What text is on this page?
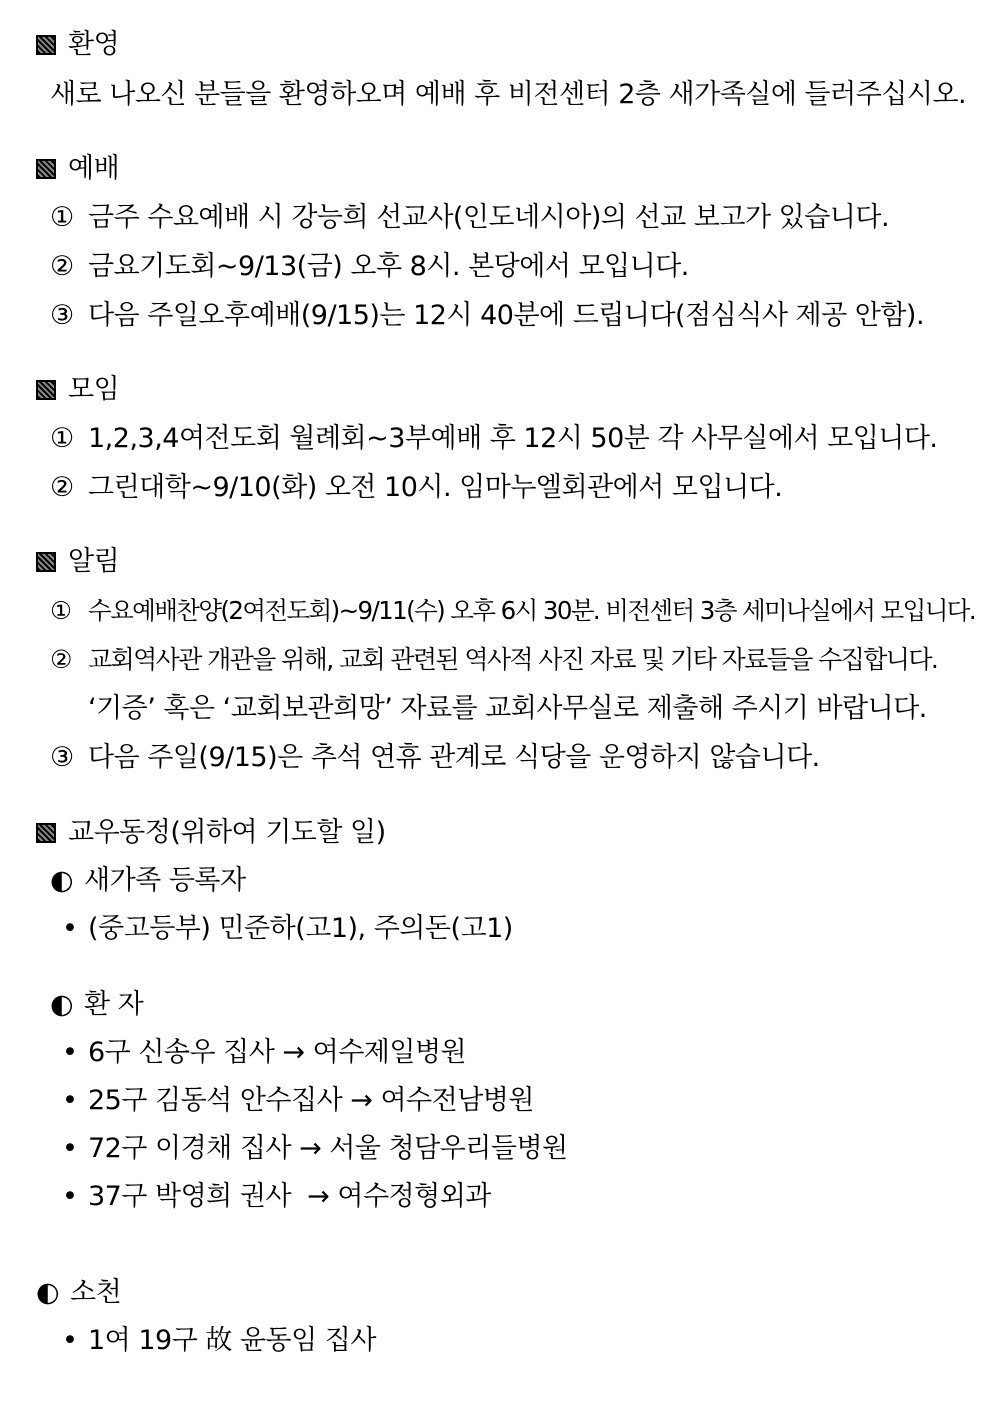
환영
새로 나오신 분들을 환영하오며 예배 후 비전센터 2층 새가족실에 들러주십시오.
예배
① 금주 수요예배 시 강능희 선교사(인도네시아)의 선교 보고가 있습니다.
② 금요기도회~9/13(금) 오후 8시. 본당에서 모입니다.
③ 다음 주일오후예배(9/15)는 12시 40분에 드립니다(점심식사 제공 안함).
모임
① 1,2,3,4여전도회 월례회~3부예배 후 12시 50분 각 사무실에서 모입니다.
② 그린대학~9/10(화) 오전 10시. 임마누엘회관에서 모입니다.
알림
① 수요예배찬양(2여전도회)~9/11(수) 오후 6시 30분. 비전센터 3층 세미나실에서 모입니다.
② 교회역사관 개관을 위해, 교회 관련된 역사적 사진 자료 및 기타 자료들을 수집합니다.
‘기증’ 혹은 ‘교회보관희망’ 자료를 교회사무실로 제출해 주시기 바랍니다.
③ 다음 주일(9/15)은 추석 연휴 관계로 식당을 운영하지 않습니다.
교우동정(위하여 기도할 일)
◐ 새가족 등록자
• (중고등부) 민준하(고1), 주의돈(고1)
◐ 환 자
• 6구 신송우 집사 → 여수제일병원
• 25구 김동석 안수집사 → 여수전남병원
• 72구 이경채 집사 → 서울 청담우리들병원
• 37구 박영희 권사  → 여수정형외과
◐ 소천
• 1여 19구 故 윤동임 집사
